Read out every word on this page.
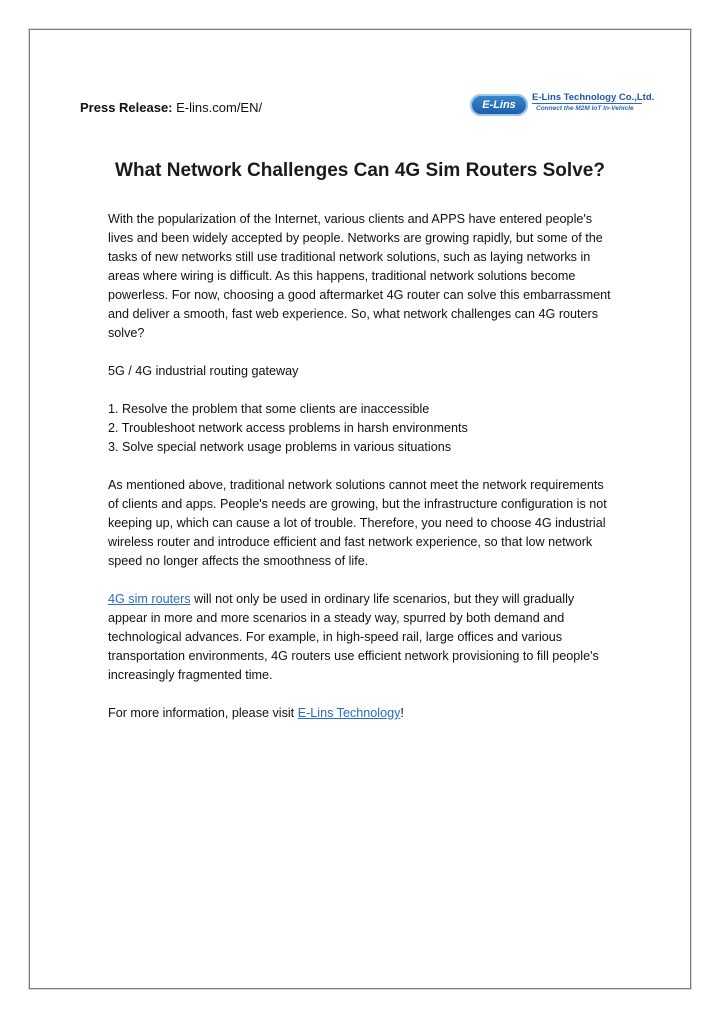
Press Release: E-lins.com/EN/	E-Lins
E-Lins Technology Co.,Ltd.
Connect the M2M IoT In-Vehicle
What Network Challenges Can 4G Sim Routers Solve?

With the popularization of the Internet, various clients and APPS have entered people's lives and been widely accepted by people. Networks are growing rapidly, but some of the tasks of new networks still use traditional network solutions, such as laying networks in areas where wiring is difficult. As this happens, traditional network solutions become powerless. For now, choosing a good aftermarket 4G router can solve this embarrassment and deliver a smooth, fast web experience. So, what network challenges can 4G routers solve?

5G / 4G industrial routing gateway

1. Resolve the problem that some clients are inaccessible
2. Troubleshoot network access problems in harsh environments
3. Solve special network usage problems in various situations

As mentioned above, traditional network solutions cannot meet the network requirements of clients and apps. People's needs are growing, but the infrastructure configuration is not keeping up, which can cause a lot of trouble. Therefore, you need to choose 4G industrial wireless router and introduce efficient and fast network experience, so that low network speed no longer affects the smoothness of life.

4G sim routers will not only be used in ordinary life scenarios, but they will gradually appear in more and more scenarios in a steady way, spurred by both demand and technological advances. For example, in high-speed rail, large offices and various transportation environments, 4G routers use efficient network provisioning to fill people's increasingly fragmented time.

For more information, please visit E-Lins Technology!
